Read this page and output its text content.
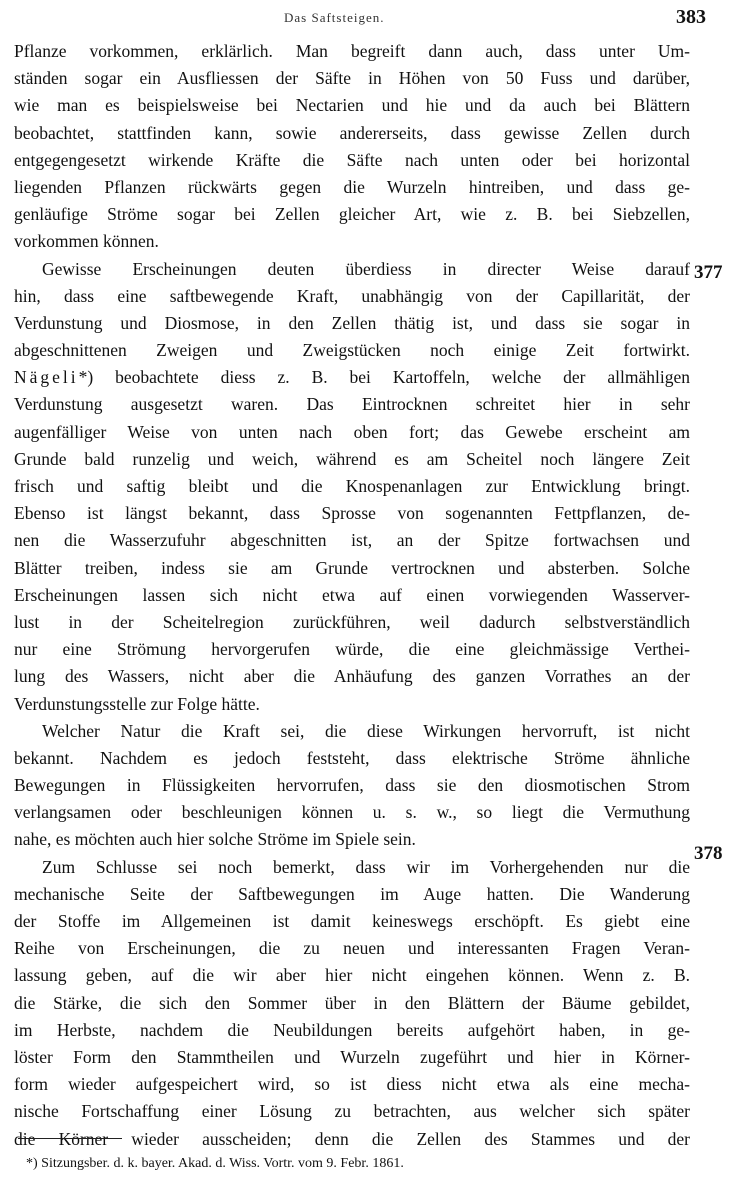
Das Saftsteigen.	383
377
378
Pflanze vorkommen, erklärlich. Man begreift dann auch, dass unter Um-
ständen sogar ein Ausfliessen der Säfte in Höhen von 50 Fuss und darüber,
wie man es beispielsweise bei Nectarien und hie und da auch bei Blättern
beobachtet, stattfinden kann, sowie andererseits, dass gewisse Zellen durch
entgegengesetzt wirkende Kräfte die Säfte nach unten oder bei horizontal
liegenden Pflanzen rückwärts gegen die Wurzeln hintreiben, und dass ge-
genläufige Ströme sogar bei Zellen gleicher Art, wie z. B. bei Siebzellen,
vorkommen können.
Gewisse Erscheinungen deuten überdiess in directer Weise darauf
hin, dass eine saftbewegende Kraft, unabhängig von der Capillarität, der
Verdunstung und Diosmose, in den Zellen thätig ist, und dass sie sogar in
abgeschnittenen Zweigen und Zweigstücken noch einige Zeit fortwirkt.
Nägeli*) beobachtete diess z. B. bei Kartoffeln, welche der allmähligen
Verdunstung ausgesetzt waren. Das Eintrocknen schreitet hier in sehr
augenfälliger Weise von unten nach oben fort; das Gewebe erscheint am
Grunde bald runzelig und weich, während es am Scheitel noch längere Zeit
frisch und saftig bleibt und die Knospenanlagen zur Entwicklung bringt.
Ebenso ist längst bekannt, dass Sprosse von sogenannten Fettpflanzen, de-
nen die Wasserzufuhr abgeschnitten ist, an der Spitze fortwachsen und
Blätter treiben, indess sie am Grunde vertrocknen und absterben. Solche
Erscheinungen lassen sich nicht etwa auf einen vorwiegenden Wasserver-
lust in der Scheitelregion zurückführen, weil dadurch selbstverständlich
nur eine Strömung hervorgerufen würde, die eine gleichmässige Verthei-
lung des Wassers, nicht aber die Anhäufung des ganzen Vorrathes an der
Verdunstungsstelle zur Folge hätte.
Welcher Natur die Kraft sei, die diese Wirkungen hervorruft, ist nicht
bekannt. Nachdem es jedoch feststeht, dass elektrische Ströme ähnliche
Bewegungen in Flüssigkeiten hervorrufen, dass sie den diosmotischen Strom
verlangsamen oder beschleunigen können u. s. w., so liegt die Vermuthung
nahe, es möchten auch hier solche Ströme im Spiele sein.
Zum Schlusse sei noch bemerkt, dass wir im Vorhergehenden nur die
mechanische Seite der Saftbewegungen im Auge hatten. Die Wanderung
der Stoffe im Allgemeinen ist damit keineswegs erschöpft. Es giebt eine
Reihe von Erscheinungen, die zu neuen und interessanten Fragen Veran-
lassung geben, auf die wir aber hier nicht eingehen können. Wenn z. B.
die Stärke, die sich den Sommer über in den Blättern der Bäume gebildet,
im Herbste, nachdem die Neubildungen bereits aufgehört haben, in ge-
löster Form den Stammtheilen und Wurzeln zugeführt und hier in Körner-
form wieder aufgespeichert wird, so ist diess nicht etwa als eine mecha-
nische Fortschaffung einer Lösung zu betrachten, aus welcher sich später
die Körner wieder ausscheiden; denn die Zellen des Stammes und der
*) Sitzungsber. d. k. bayer. Akad. d. Wiss. Vortr. vom 9. Febr. 1861.
